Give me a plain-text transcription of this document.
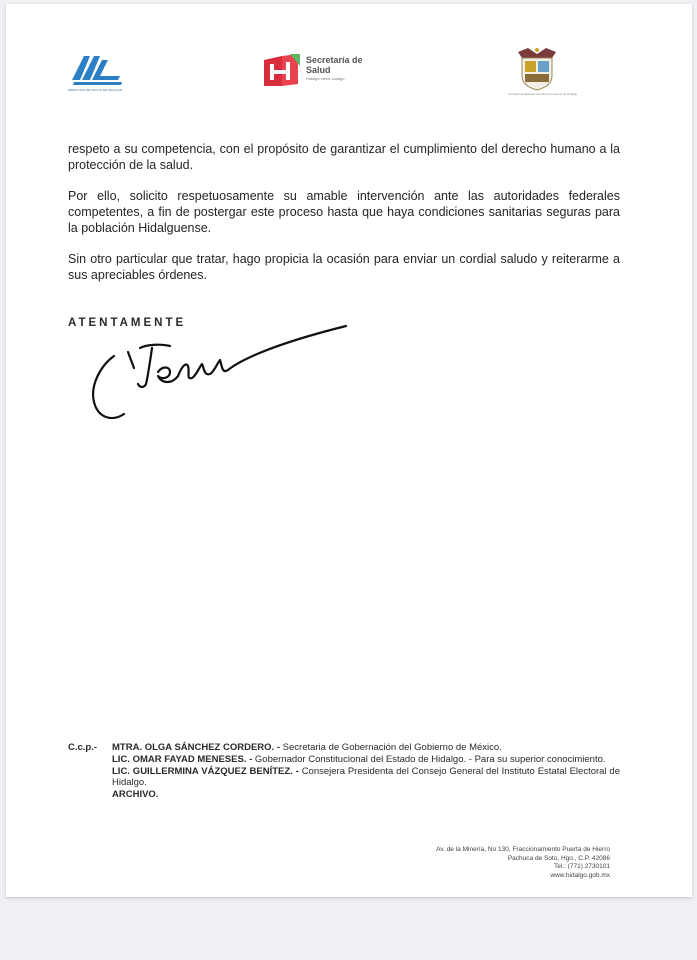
SERVICIOS DE SALUD DE HIDALGO
Secretaría de
Salud
Hidalgo crece contigo
Comisión Estatal de Derechos Humanos de Hidalgo

respeto a su competencia, con el propósito de garantizar el cumplimiento del derecho humano a la protección de la salud.

Por ello, solicito respetuosamente su amable intervención ante las autoridades federales competentes, a fin de postergar este proceso hasta que haya condiciones sanitarias seguras para la población Hidalguense.

Sin otro particular que tratar, hago propicia la ocasión para enviar un cordial saludo y reiterarme a sus apreciables órdenes.

ATENTAMENTE
C.c.p.-	MTRA. OLGA SÁNCHEZ CORDERO. - Secretaria de Gobernación del Gobierno de México.
LIC. OMAR FAYAD MENESES. - Gobernador Constitucional del Estado de Hidalgo. - Para su superior conocimiento.
LIC. GUILLERMINA VÁZQUEZ BENÍTEZ. - Consejera Presidenta del Consejo General del Instituto Estatal Electoral de Hidalgo.
ARCHIVO.
Av. de la Minería, No 130, Fraccionamiento Puerta de Hierro
Pachuca de Soto, Hgo., C.P. 42086
Tel.: (771) 2730101
www.hidalgo.gob.mx
